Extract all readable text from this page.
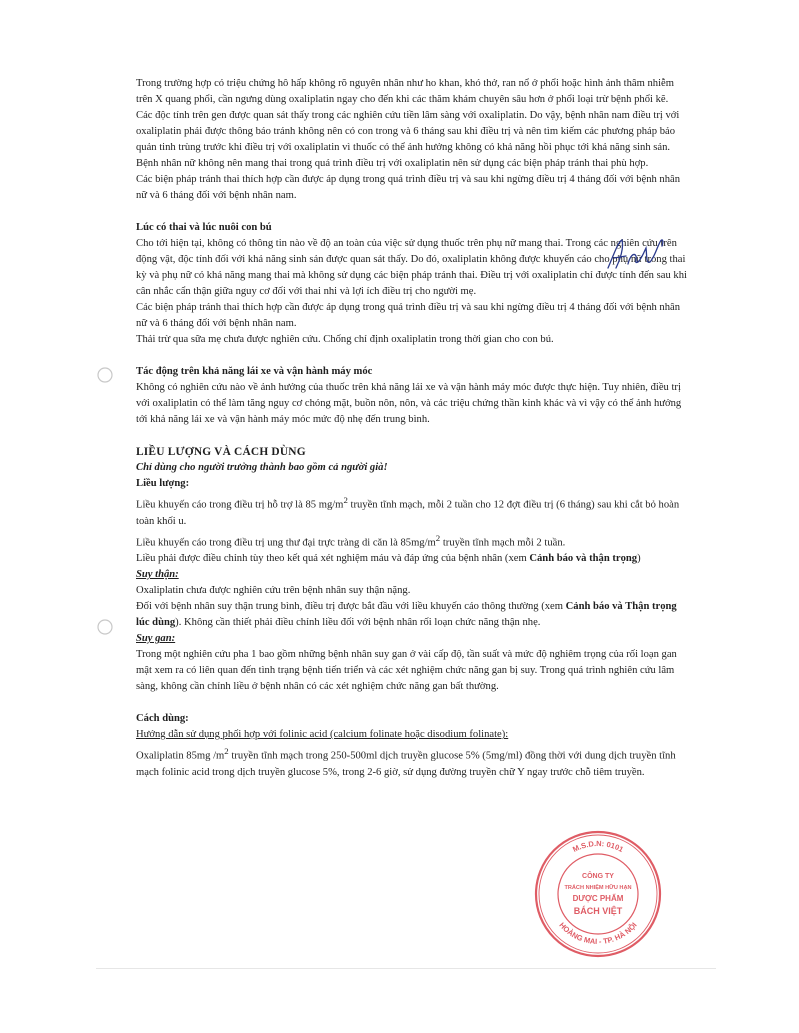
Trong trường hợp có triệu chứng hô hấp không rõ nguyên nhân như ho khan, khó thở, ran nổ ở phổi hoặc hình ảnh thâm nhiễm trên X quang phổi, cần ngưng dùng oxaliplatin ngay cho đến khi các thăm khám chuyên sâu hơn ở phổi loại trừ bệnh phổi kẽ.

Các độc tính trên gen được quan sát thấy trong các nghiên cứu tiền lâm sàng với oxaliplatin. Do vậy, bệnh nhân nam điều trị với oxaliplatin phải được thông báo tránh không nên có con trong và 6 tháng sau khi điều trị và nên tìm kiếm các phương pháp bảo quản tinh trùng trước khi điều trị với oxaliplatin vì thuốc có thể ảnh hưởng không có khả năng hồi phục tới khả năng sinh sản.

Bệnh nhân nữ không nên mang thai trong quá trình điều trị với oxaliplatin nên sử dụng các biện pháp tránh thai phù hợp.

Các biện pháp tránh thai thích hợp cần được áp dụng trong quá trình điều trị và sau khi ngừng điều trị 4 tháng đối với bệnh nhân nữ và 6 tháng đối với bệnh nhân nam.

Lúc có thai và lúc nuôi con bú

Cho tới hiện tại, không có thông tin nào về độ an toàn của việc sử dụng thuốc trên phụ nữ mang thai. Trong các nghiên cứu trên động vật, độc tính đối với khả năng sinh sản được quan sát thấy. Do đó, oxaliplatin không được khuyến cáo cho phụ nữ trong thai kỳ và phụ nữ có khả năng mang thai mà không sử dụng các biện pháp tránh thai. Điều trị với oxaliplatin chỉ được tính đến sau khi cân nhắc cẩn thận giữa nguy cơ đối với thai nhi và lợi ích điều trị cho người mẹ.

Các biện pháp tránh thai thích hợp cần được áp dụng trong quá trình điều trị và sau khi ngừng điều trị 4 tháng đối với bệnh nhân nữ và 6 tháng đối với bệnh nhân nam.

Thải trừ qua sữa mẹ chưa được nghiên cứu. Chống chỉ định oxaliplatin trong thời gian cho con bú.

Tác động trên khả năng lái xe và vận hành máy móc

Không có nghiên cứu nào về ảnh hưởng của thuốc trên khả năng lái xe và vận hành máy móc được thực hiện. Tuy nhiên, điều trị với oxaliplatin có thể làm tăng nguy cơ chóng mặt, buồn nôn, nôn, và các triệu chứng thần kinh khác và vì vậy có thể ảnh hưởng tới khả năng lái xe và vận hành máy móc mức độ nhẹ đến trung bình.

LIỀU LƯỢNG VÀ CÁCH DÙNG

Chỉ dùng cho người trưởng thành bao gồm cả người già!

Liều lượng:

Liều khuyến cáo trong điều trị hỗ trợ là 85 $mg/m^2$ truyền tĩnh mạch, mỗi 2 tuần cho 12 đợt điều trị (6 tháng) sau khi cắt bỏ hoàn toàn khối u.

Liều khuyến cáo trong điều trị ung thư đại trực tràng di căn là $85mg/m^2$ truyền tĩnh mạch mỗi 2 tuần.

Liều phải được điều chỉnh tùy theo kết quả xét nghiệm máu và đáp ứng của bệnh nhân (xem Cảnh báo và thận trọng)

Suy thận:

Oxaliplatin chưa được nghiên cứu trên bệnh nhân suy thận nặng.

Đối với bệnh nhân suy thận trung bình, điều trị được bắt đầu với liều khuyến cáo thông thường (xem Cảnh báo và Thận trọng lúc dùng). Không cần thiết phải điều chỉnh liều đối với bệnh nhân rối loạn chức năng thận nhẹ.

Suy gan:

Trong một nghiên cứu pha 1 bao gồm những bệnh nhân suy gan ở vài cấp độ, tần suất và mức độ nghiêm trọng của rối loạn gan mật xem ra có liên quan đến tình trạng bệnh tiến triển và các xét nghiệm chức năng gan bị suy. Trong quá trình nghiên cứu lâm sàng, không cần chỉnh liều ở bệnh nhân có các xét nghiệm chức năng gan bất thường.

Cách dùng:

Hướng dẫn sử dụng phối hợp với folinic acid (calcium folinate hoặc disodium folinate):

Oxaliplatin 85mg $/m^2$ truyền tĩnh mạch trong 250-500ml dịch truyền glucose 5% (5mg/ml) đồng thời với dung dịch truyền tĩnh mạch folinic acid trong dịch truyền glucose 5%, trong 2-6 giờ, sử dụng đường truyền chữ Y ngay trước chỗ tiêm truyền.

M.S.D.N: 0101
HOÀNG MAI - TP. HÀ NỘI
CÔNG TY
TRÁCH NHIỆM HỮU HẠN
DƯỢC PHẨM
BÁCH VIỆT
